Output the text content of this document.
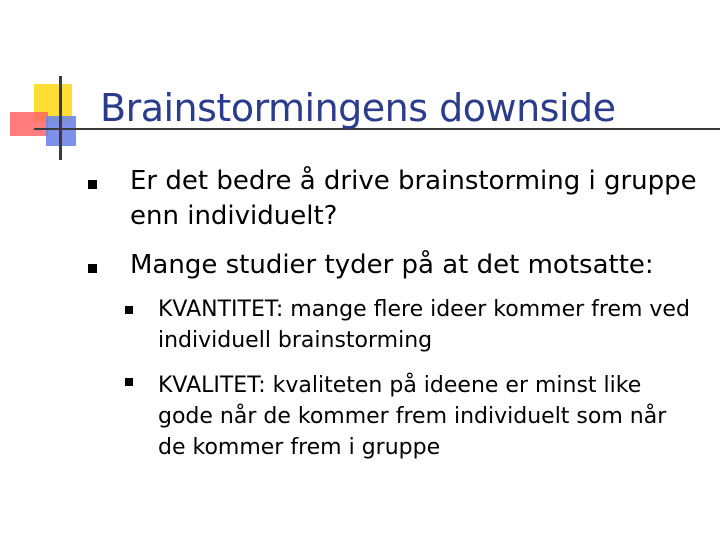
Brainstormingens downside
Er det bedre å drive brainstorming i gruppe enn individuelt?
Mange studier tyder på at det motsatte:
KVANTITET: mange flere ideer kommer frem ved individuell brainstorming
KVALITET: kvaliteten på ideene er minst like gode når de kommer frem individuelt som når de kommer frem i gruppe
